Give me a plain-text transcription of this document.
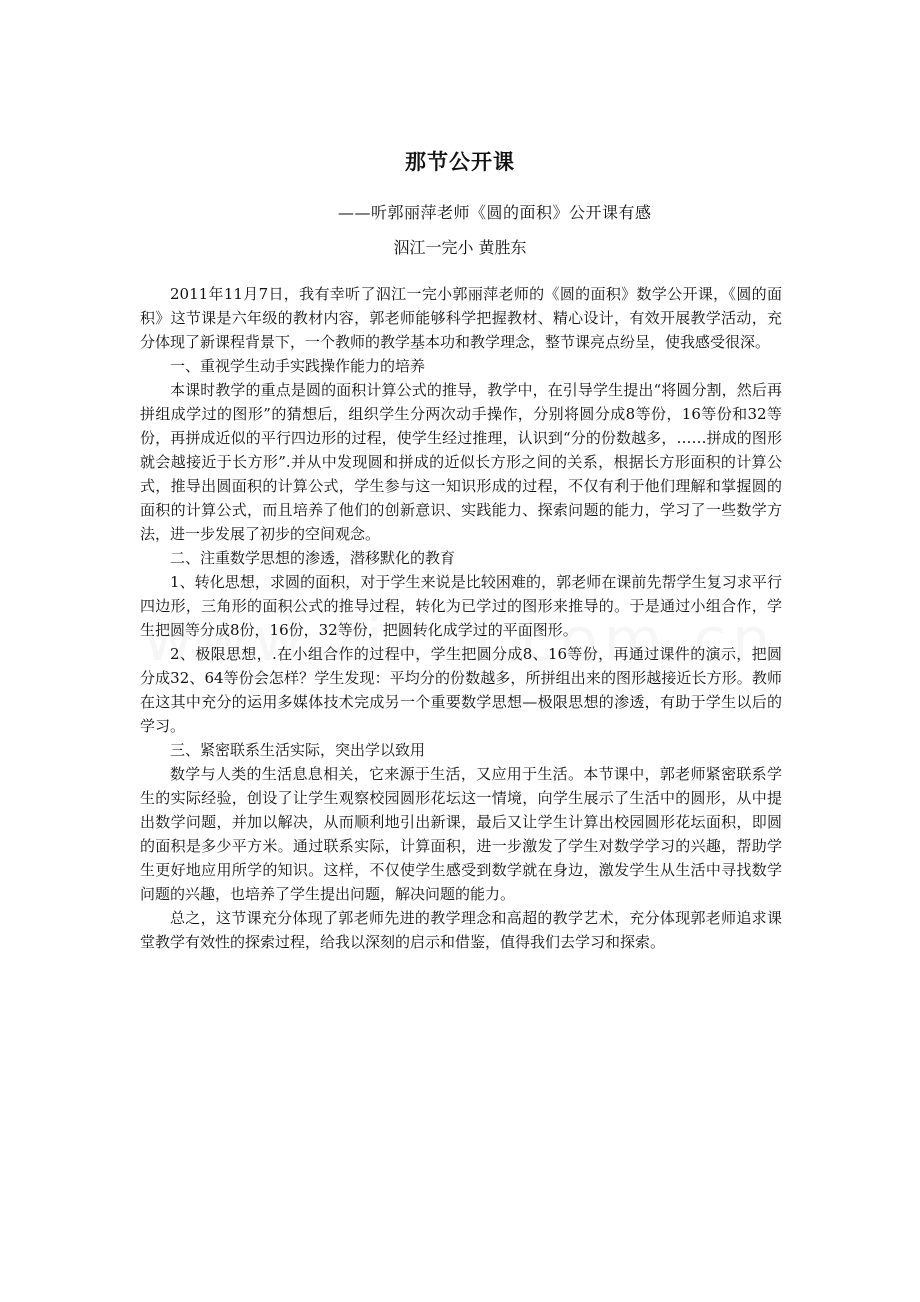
那节公开课
——听郭丽萍老师《圆的面积》公开课有感
泅江一完小 黄胜东

2011年11月7日，我有幸听了泅江一完小郭丽萍老师的《圆的面积》数学公开课，《圆的面积》这节课是六年级的教材内容，郭老师能够科学把握教材、精心设计，有效开展教学活动，充分体现了新课程背景下，一个教师的教学基本功和教学理念，整节课亮点纷呈，使我感受很深。

一、重视学生动手实践操作能力的培养

本课时教学的重点是圆的面积计算公式的推导，教学中，在引导学生提出“将圆分割，然后再拼组成学过的图形”的猜想后，组织学生分两次动手操作，分别将圆分成8等份，16等份和32等份，再拼成近似的平行四边形的过程，使学生经过推理，认识到“分的份数越多，……拼成的图形就会越接近于长方形”.并从中发现圆和拼成的近似长方形之间的关系，根据长方形面积的计算公式，推导出圆面积的计算公式，学生参与这一知识形成的过程，不仅有利于他们理解和掌握圆的面积的计算公式，而且培养了他们的创新意识、实践能力、探索问题的能力，学习了一些数学方法，进一步发展了初步的空间观念。

二、注重数学思想的渗透，潜移默化的教育

1、转化思想，求圆的面积，对于学生来说是比较困难的，郭老师在课前先帮学生复习求平行四边形，三角形的面积公式的推导过程，转化为已学过的图形来推导的。于是通过小组合作，学生把圆等分成8份，16份，32等份，把圆转化成学过的平面图形。

2、极限思想，.在小组合作的过程中，学生把圆分成8、16等份，再通过课件的演示，把圆分成32、64等份会怎样？学生发现：平均分的份数越多，所拼组出来的图形越接近长方形。教师在这其中充分的运用多媒体技术完成另一个重要数学思想—极限思想的渗透，有助于学生以后的学习。

三、紧密联系生活实际，突出学以致用

数学与人类的生活息息相关，它来源于生活，又应用于生活。本节课中，郭老师紧密联系学生的实际经验，创设了让学生观察校园圆形花坛这一情境，向学生展示了生活中的圆形，从中提出数学问题，并加以解决，从而顺利地引出新课，最后又让学生计算出校园圆形花坛面积，即圆的面积是多少平方米。通过联系实际，计算面积，进一步激发了学生对数学学习的兴趣，帮助学生更好地应用所学的知识。这样，不仅使学生感受到数学就在身边，激发学生从生活中寻找数学问题的兴趣，也培养了学生提出问题，解决问题的能力。

总之，这节课充分体现了郭老师先进的教学理念和高超的教学艺术，充分体现郭老师追求课堂教学有效性的探索过程，给我以深刻的启示和借鉴，值得我们去学习和探索。
